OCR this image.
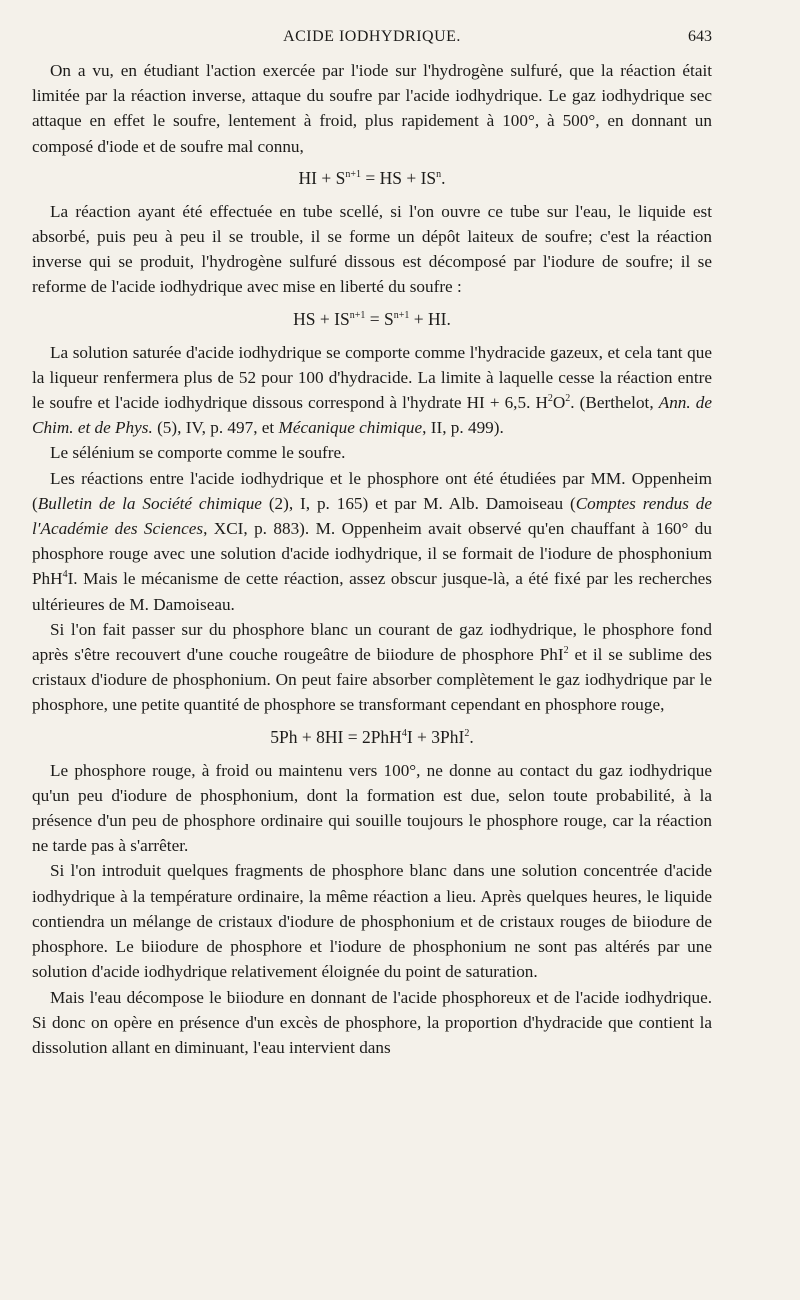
ACIDE IODHYDRIQUE.	643

On a vu, en étudiant l'action exercée par l'iode sur l'hydrogène sulfuré, que la réaction était limitée par la réaction inverse, attaque du soufre par l'acide iodhydrique. Le gaz iodhydrique sec attaque en effet le soufre, lentement à froid, plus rapidement à 100°, à 500°, en donnant un composé d'iode et de soufre mal connu,

HI + $S^{n+1}$ = HS + $IS^n$.

La réaction ayant été effectuée en tube scellé, si l'on ouvre ce tube sur l'eau, le liquide est absorbé, puis peu à peu il se trouble, il se forme un dépôt laiteux de soufre; c'est la réaction inverse qui se produit, l'hydrogène sulfuré dissous est décomposé par l'iodure de soufre; il se reforme de l'acide iodhydrique avec mise en liberté du soufre :

HS + $IS^{n+1} = S^{n+1}$ + HI.

La solution saturée d'acide iodhydrique se comporte comme l'hydracide gazeux, et cela tant que la liqueur renfermera plus de 52 pour 100 d'hydracide. La limite à laquelle cesse la réaction entre le soufre et l'acide iodhydrique dissous correspond à l'hydrate HI + 6,5. $H^2O^2$. (Berthelot, Ann. de Chim. et de Phys. (5), IV, p. 497, et Mécanique chimique, II, p. 499).

Le sélénium se comporte comme le soufre.

Les réactions entre l'acide iodhydrique et le phosphore ont été étudiées par MM. Oppenheim (Bulletin de la Société chimique (2), I, p. 165) et par M. Alb. Damoiseau (Comptes rendus de l'Académie des Sciences, XCI, p. 883). M. Oppenheim avait observé qu'en chauffant à 160° du phosphore rouge avec une solution d'acide iodhydrique, il se formait de l'iodure de phosphonium PhH$^4$I. Mais le mécanisme de cette réaction, assez obscur jusque-là, a été fixé par les recherches ultérieures de M. Damoiseau.

Si l'on fait passer sur du phosphore blanc un courant de gaz iodhydrique, le phosphore fond après s'être recouvert d'une couche rougeâtre de biiodure de phosphore PhI$^2$ et il se sublime des cristaux d'iodure de phosphonium. On peut faire absorber complètement le gaz iodhydrique par le phosphore, une petite quantité de phosphore se transformant cependant en phosphore rouge,

5Ph + 8HI = 2PhH$^4$I + 3PhI$^2$.

Le phosphore rouge, à froid ou maintenu vers 100°, ne donne au contact du gaz iodhydrique qu'un peu d'iodure de phosphonium, dont la formation est due, selon toute probabilité, à la présence d'un peu de phosphore ordinaire qui souille toujours le phosphore rouge, car la réaction ne tarde pas à s'arrêter.

Si l'on introduit quelques fragments de phosphore blanc dans une solution concentrée d'acide iodhydrique à la température ordinaire, la même réaction a lieu. Après quelques heures, le liquide contiendra un mélange de cristaux d'iodure de phosphonium et de cristaux rouges de biiodure de phosphore. Le biiodure de phosphore et l'iodure de phosphonium ne sont pas altérés par une solution d'acide iodhydrique relativement éloignée du point de saturation.

Mais l'eau décompose le biiodure en donnant de l'acide phosphoreux et de l'acide iodhydrique. Si donc on opère en présence d'un excès de phosphore, la proportion d'hydracide que contient la dissolution allant en diminuant, l'eau intervient dans
